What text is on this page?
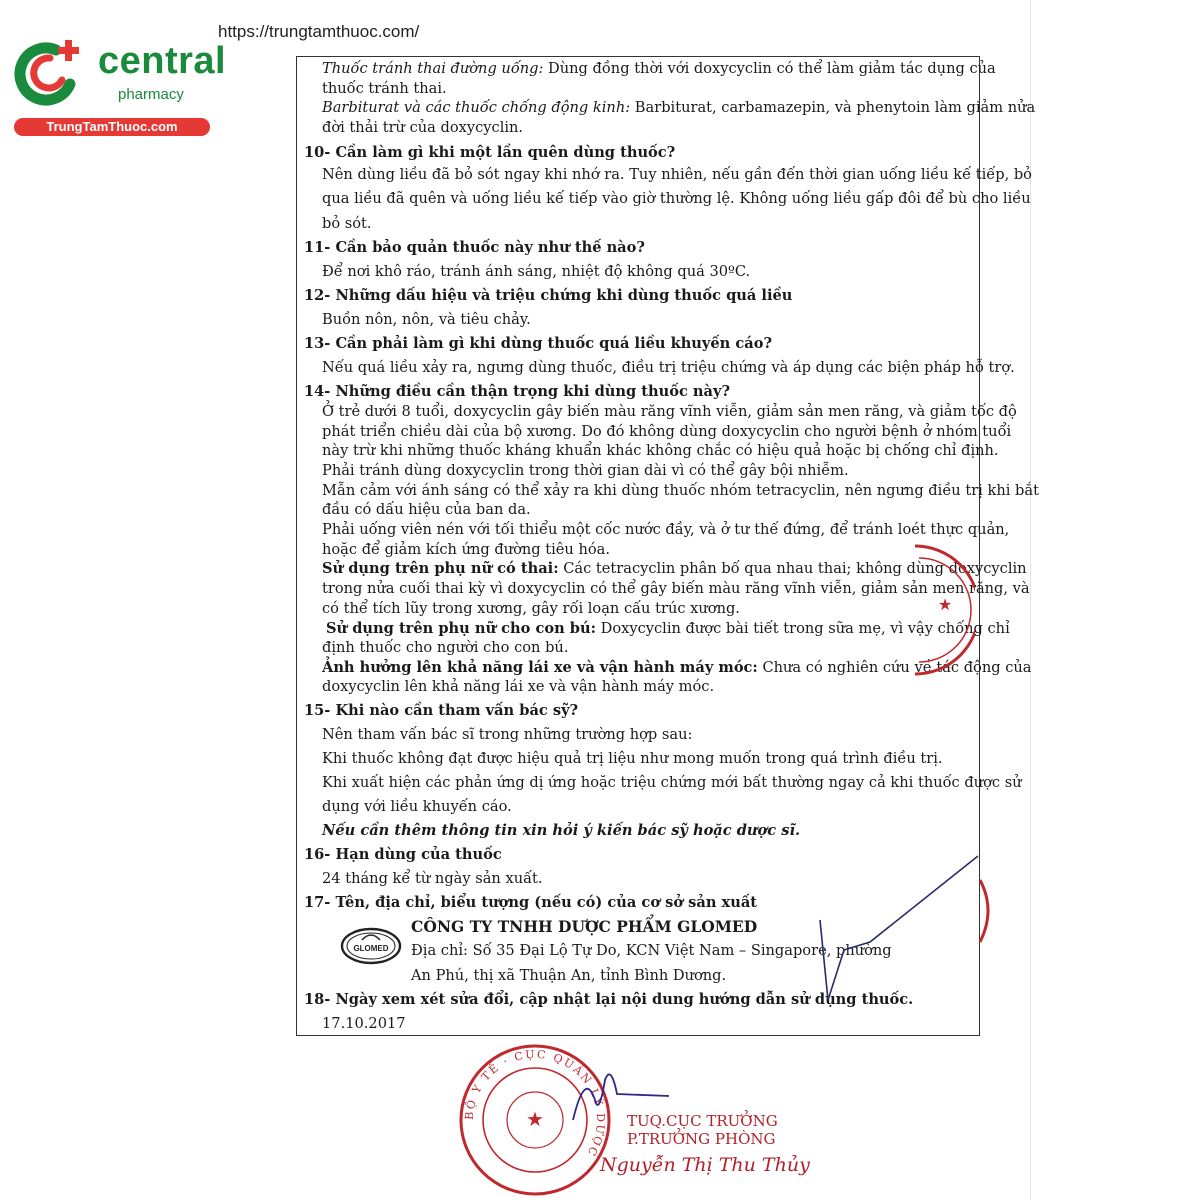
https://trungtamthuoc.com/
central
pharmacy
TrungTamThuoc.com
Thuốc tránh thai đường uống: Dùng đồng thời với doxycyclin có thể làm giảm tác dụng của
thuốc tránh thai.
Barbiturat và các thuốc chống động kinh: Barbiturat, carbamazepin, và phenytoin làm giảm nửa
đời thải trừ của doxycyclin.
10- Cần làm gì khi một lần quên dùng thuốc?
Nên dùng liều đã bỏ sót ngay khi nhớ ra. Tuy nhiên, nếu gần đến thời gian uống liều kế tiếp, bỏ
qua liều đã quên và uống liều kế tiếp vào giờ thường lệ. Không uống liều gấp đôi để bù cho liều
bỏ sót.
11- Cần bảo quản thuốc này như thế nào?
Để nơi khô ráo, tránh ánh sáng, nhiệt độ không quá 30ºC.
12- Những dấu hiệu và triệu chứng khi dùng thuốc quá liều
Buồn nôn, nôn, và tiêu chảy.
13- Cần phải làm gì khi dùng thuốc quá liều khuyến cáo?
Nếu quá liều xảy ra, ngưng dùng thuốc, điều trị triệu chứng và áp dụng các biện pháp hỗ trợ.
14- Những điều cần thận trọng khi dùng thuốc này?
Ở trẻ dưới 8 tuổi, doxycyclin gây biến màu răng vĩnh viễn, giảm sản men răng, và giảm tốc độ
phát triển chiều dài của bộ xương. Do đó không dùng doxycyclin cho người bệnh ở nhóm tuổi
này trừ khi những thuốc kháng khuẩn khác không chắc có hiệu quả hoặc bị chống chỉ định.
Phải tránh dùng doxycyclin trong thời gian dài vì có thể gây bội nhiễm.
Mẫn cảm với ánh sáng có thể xảy ra khi dùng thuốc nhóm tetracyclin, nên ngưng điều trị khi bắt
đầu có dấu hiệu của ban da.
Phải uống viên nén với tối thiểu một cốc nước đầy, và ở tư thế đứng, để tránh loét thực quản,
hoặc để giảm kích ứng đường tiêu hóa.
Sử dụng trên phụ nữ có thai: Các tetracyclin phân bố qua nhau thai; không dùng doxycyclin
trong nửa cuối thai kỳ vì doxycyclin có thể gây biến màu răng vĩnh viễn, giảm sản men răng, và
có thể tích lũy trong xương, gây rối loạn cấu trúc xương.
Sử dụng trên phụ nữ cho con bú: Doxycyclin được bài tiết trong sữa mẹ, vì vậy chống chỉ
định thuốc cho người cho con bú.
Ảnh hưởng lên khả năng lái xe và vận hành máy móc: Chưa có nghiên cứu về tác động của
doxycyclin lên khả năng lái xe và vận hành máy móc.
15- Khi nào cần tham vấn bác sỹ?
Nên tham vấn bác sĩ trong những trường hợp sau:
Khi thuốc không đạt được hiệu quả trị liệu như mong muốn trong quá trình điều trị.
Khi xuất hiện các phản ứng dị ứng hoặc triệu chứng mới bất thường ngay cả khi thuốc được sử
dụng với liều khuyến cáo.
Nếu cần thêm thông tin xin hỏi ý kiến bác sỹ hoặc dược sĩ.
16- Hạn dùng của thuốc
24 tháng kể từ ngày sản xuất.
17- Tên, địa chỉ, biểu tượng (nếu có) của cơ sở sản xuất
CÔNG TY TNHH DƯỢC PHẨM GLOMED
Địa chỉ: Số 35 Đại Lộ Tự Do, KCN Việt Nam – Singapore, phường
An Phú, thị xã Thuận An, tỉnh Bình Dương.
GLOMED
18- Ngày xem xét sửa đổi, cập nhật lại nội dung hướng dẫn sử dụng thuốc.
17.10.2017
★
★
BỘ Y TẾ · CỤC QUẢN LÝ DƯỢC
TUQ.CỤC TRƯỞNG
P.TRƯỞNG PHÒNG
Nguyễn Thị Thu Thủy
